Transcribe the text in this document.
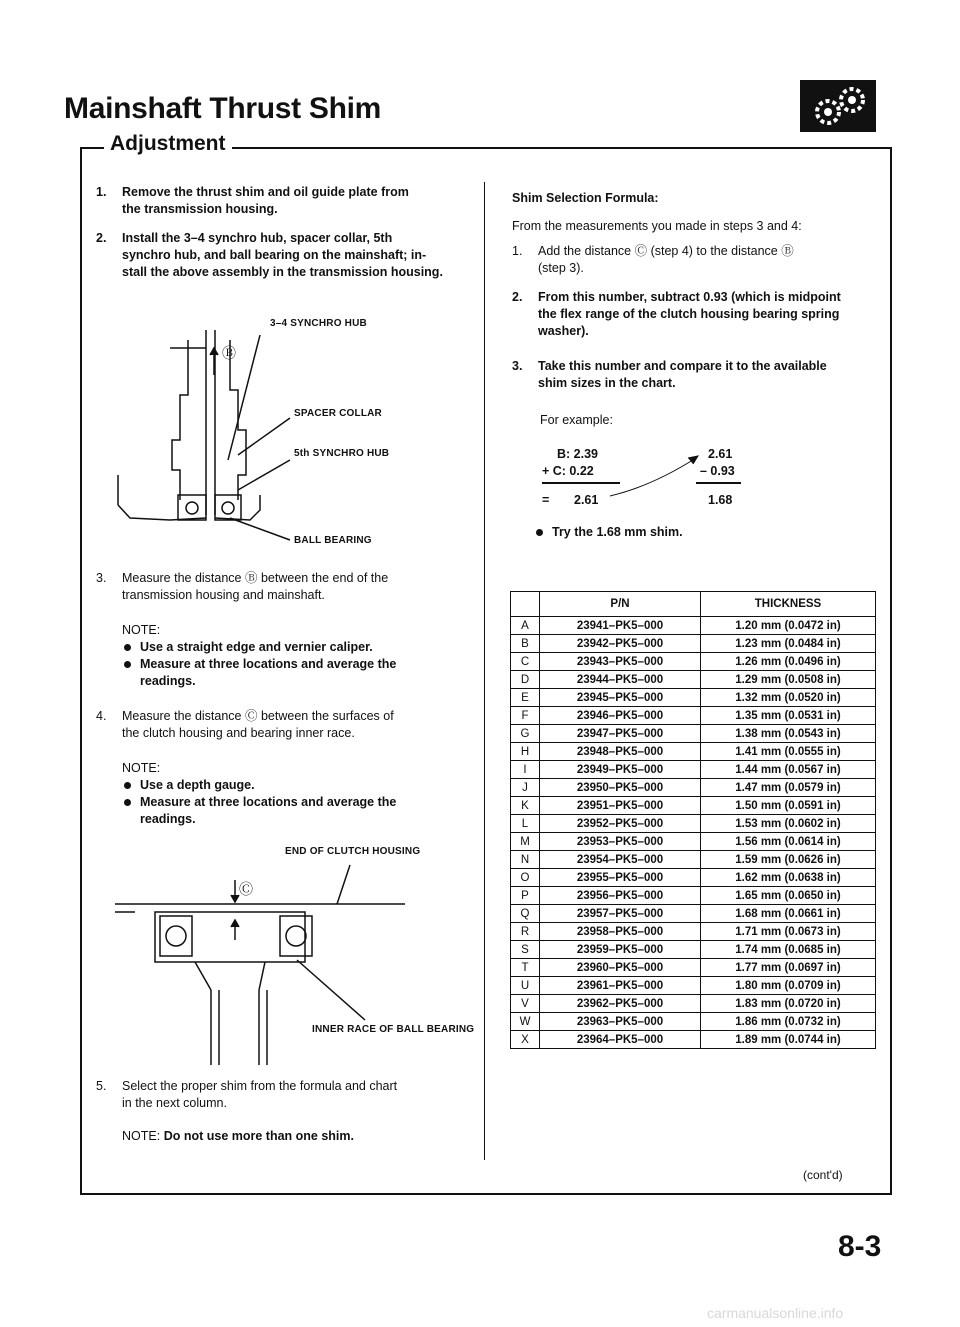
Mainshaft Thrust Shim
Adjustment
1. Remove the thrust shim and oil guide plate from
the transmission housing.
2. Install the 3–4 synchro hub, spacer collar, 5th
synchro hub, and ball bearing on the mainshaft; in-
stall the above assembly in the transmission housing.
Ⓑ
3–4 SYNCHRO HUB
SPACER COLLAR
5th SYNCHRO HUB
BALL BEARING
3. Measure the distance Ⓑ between the end of the
transmission housing and mainshaft.
NOTE:
Use a straight edge and vernier caliper.
Measure at three locations and average the
readings.
4. Measure the distance Ⓒ between the surfaces of
the clutch housing and bearing inner race.
NOTE:
Use a depth gauge.
Measure at three locations and average the
readings.
END OF CLUTCH HOUSING
Ⓒ
INNER RACE OF BALL BEARING
5. Select the proper shim from the formula and chart
in the next column.
NOTE: Do not use more than one shim.
Shim Selection Formula:
From the measurements you made in steps 3 and 4:
1. Add the distance Ⓒ (step 4) to the distance Ⓑ
(step 3).
2. From this number, subtract 0.93 (which is midpoint
the flex range of the clutch housing bearing spring
washer).
3. Take this number and compare it to the available
shim sizes in the chart.
For example:
B: 2.39
+ C: 0.22
= 2.61
2.61
– 0.93
1.68
Try the 1.68 mm shim.
	P/N	THICKNESS
A	23941–PK5–000	1.20 mm (0.0472 in)
B	23942–PK5–000	1.23 mm (0.0484 in)
C	23943–PK5–000	1.26 mm (0.0496 in)
D	23944–PK5–000	1.29 mm (0.0508 in)
E	23945–PK5–000	1.32 mm (0.0520 in)
F	23946–PK5–000	1.35 mm (0.0531 in)
G	23947–PK5–000	1.38 mm (0.0543 in)
H	23948–PK5–000	1.41 mm (0.0555 in)
I	23949–PK5–000	1.44 mm (0.0567 in)
J	23950–PK5–000	1.47 mm (0.0579 in)
K	23951–PK5–000	1.50 mm (0.0591 in)
L	23952–PK5–000	1.53 mm (0.0602 in)
M	23953–PK5–000	1.56 mm (0.0614 in)
N	23954–PK5–000	1.59 mm (0.0626 in)
O	23955–PK5–000	1.62 mm (0.0638 in)
P	23956–PK5–000	1.65 mm (0.0650 in)
Q	23957–PK5–000	1.68 mm (0.0661 in)
R	23958–PK5–000	1.71 mm (0.0673 in)
S	23959–PK5–000	1.74 mm (0.0685 in)
T	23960–PK5–000	1.77 mm (0.0697 in)
U	23961–PK5–000	1.80 mm (0.0709 in)
V	23962–PK5–000	1.83 mm (0.0720 in)
W	23963–PK5–000	1.86 mm (0.0732 in)
X	23964–PK5–000	1.89 mm (0.0744 in)
(cont'd)
8-3
carmanualsonline.info
